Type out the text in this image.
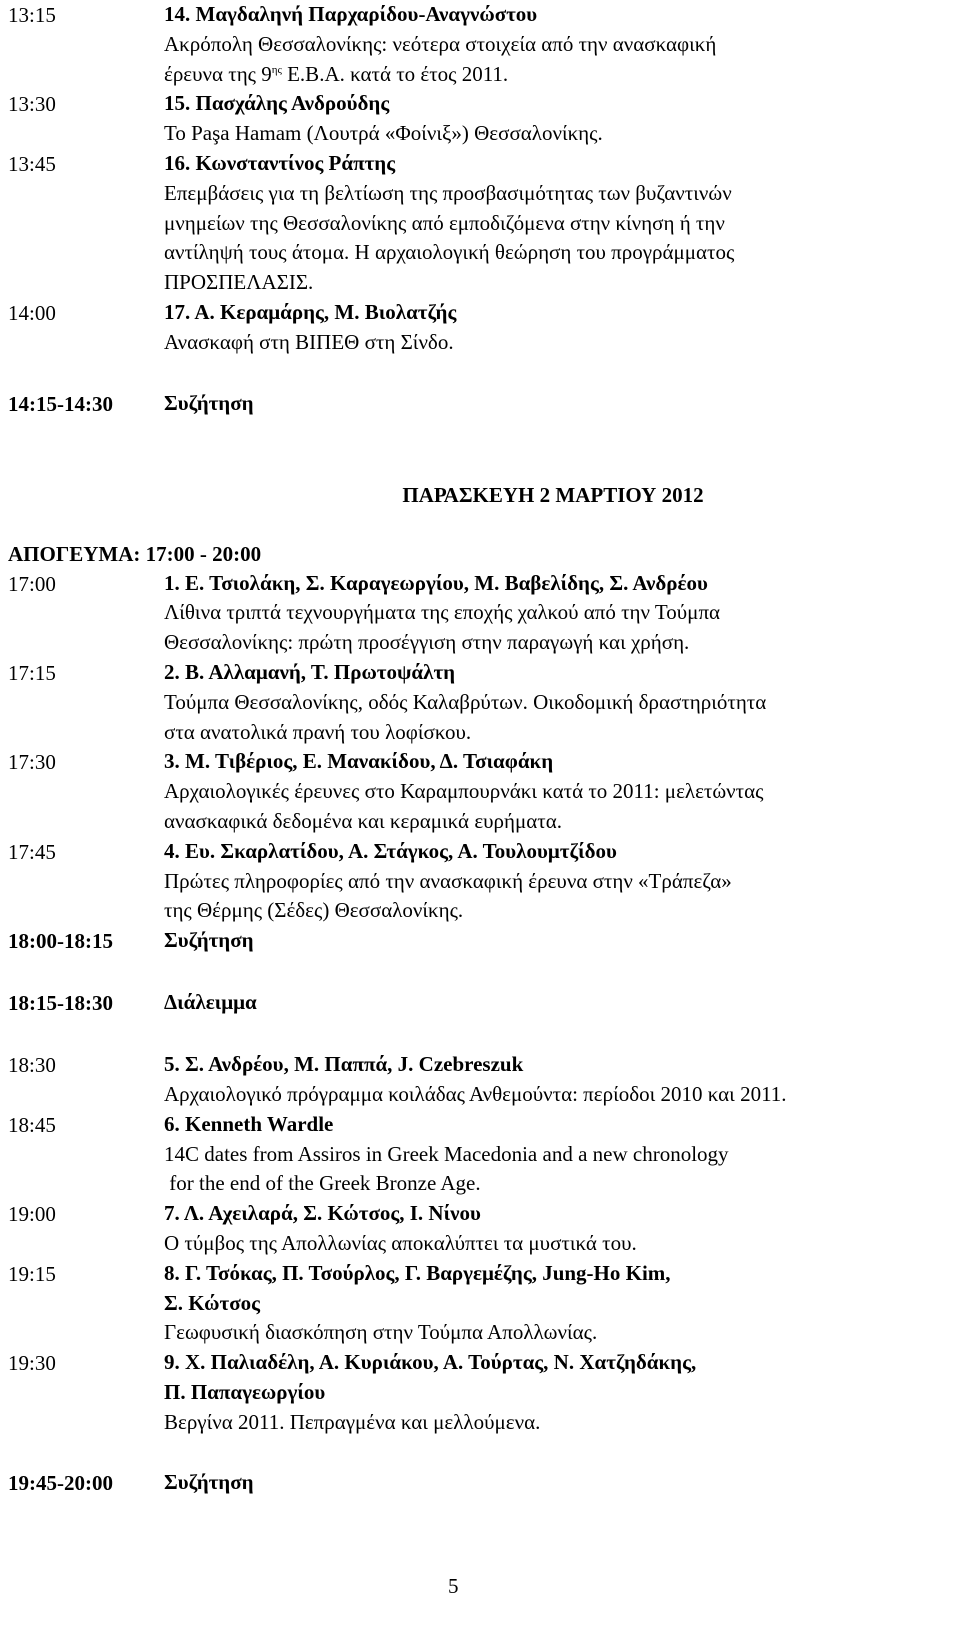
13:15	14. Μαγδαληνή Παρχαρίδου-Αναγνώστου
Ακρόπολη Θεσσαλονίκης: νεότερα στοιχεία από την ανασκαφική
έρευνα της $9^{\eta\varsigma}$ Ε.Β.Α. κατά το έτος 2011.
13:30	15. Πασχάλης Ανδρούδης
Το Paşa Hamam (Λουτρά «Φοίνιξ») Θεσσαλονίκης.
13:45	16. Κωνσταντίνος Ράπτης
Επεμβάσεις για τη βελτίωση της προσβασιμότητας των βυζαντινών
μνημείων της Θεσσαλονίκης από εμποδιζόμενα στην κίνηση ή την
αντίληψή τους άτομα. Η αρχαιολογική θεώρηση του προγράμματος
ΠΡΟΣΠΕΛΑΣΙΣ.
14:00	17. Α. Κεραμάρης, Μ. Βιολατζής
Ανασκαφή στη ΒΙΠΕΘ στη Σίνδο.
14:15-14:30	Συζήτηση
ΠΑΡΑΣΚΕΥΗ 2 ΜΑΡΤΙΟΥ 2012
ΑΠΟΓΕΥΜΑ: 17:00 - 20:00
17:00	1. Ε. Τσιολάκη, Σ. Καραγεωργίου, Μ. Βαβελίδης, Σ. Ανδρέου
Λίθινα τριπτά τεχνουργήματα της εποχής χαλκού από την Τούμπα
Θεσσαλονίκης: πρώτη προσέγγιση στην παραγωγή και χρήση.
17:15	2. Β. Αλλαμανή, Τ. Πρωτοψάλτη
Τούμπα Θεσσαλονίκης, οδός Καλαβρύτων. Οικοδομική δραστηριότητα
στα ανατολικά πρανή του λοφίσκου.
17:30	3. Μ. Τιβέριος, Ε. Μανακίδου, Δ. Τσιαφάκη
Αρχαιολογικές έρευνες στο Καραμπουρνάκι κατά το 2011: μελετώντας
ανασκαφικά δεδομένα και κεραμικά ευρήματα.
17:45	4. Ευ. Σκαρλατίδου, Α. Στάγκος, Α. Τουλουμτζίδου
Πρώτες πληροφορίες από την ανασκαφική έρευνα στην «Τράπεζα»
της Θέρμης (Σέδες) Θεσσαλονίκης.
18:00-18:15	Συζήτηση
18:15-18:30	Διάλειμμα
18:30	5. Σ. Ανδρέου, Μ. Παππά, J. Czebreszuk
Αρχαιολογικό πρόγραμμα κοιλάδας Ανθεμούντα: περίοδοι 2010 και 2011.
18:45	6. Kenneth Wardle
14C dates from Assiros in Greek Macedonia and a new chronology
for the end of the Greek Bronze Age.
19:00	7. Λ. Αχειλαρά, Σ. Κώτσος, Ι. Νίνου
Ο τύμβος της Απολλωνίας αποκαλύπτει τα μυστικά του.
19:15	8. Γ. Τσόκας, Π. Τσούρλος, Γ. Βαργεμέζης, Jung-Ho Kim,
Σ. Κώτσος
Γεωφυσική διασκόπηση στην Τούμπα Απολλωνίας.
19:30	9. Χ. Παλιαδέλη, Α. Κυριάκου, Α. Τούρτας, Ν. Χατζηδάκης,
Π. Παπαγεωργίου
Βεργίνα 2011. Πεπραγμένα και μελλούμενα.
19:45-20:00	Συζήτηση
5
